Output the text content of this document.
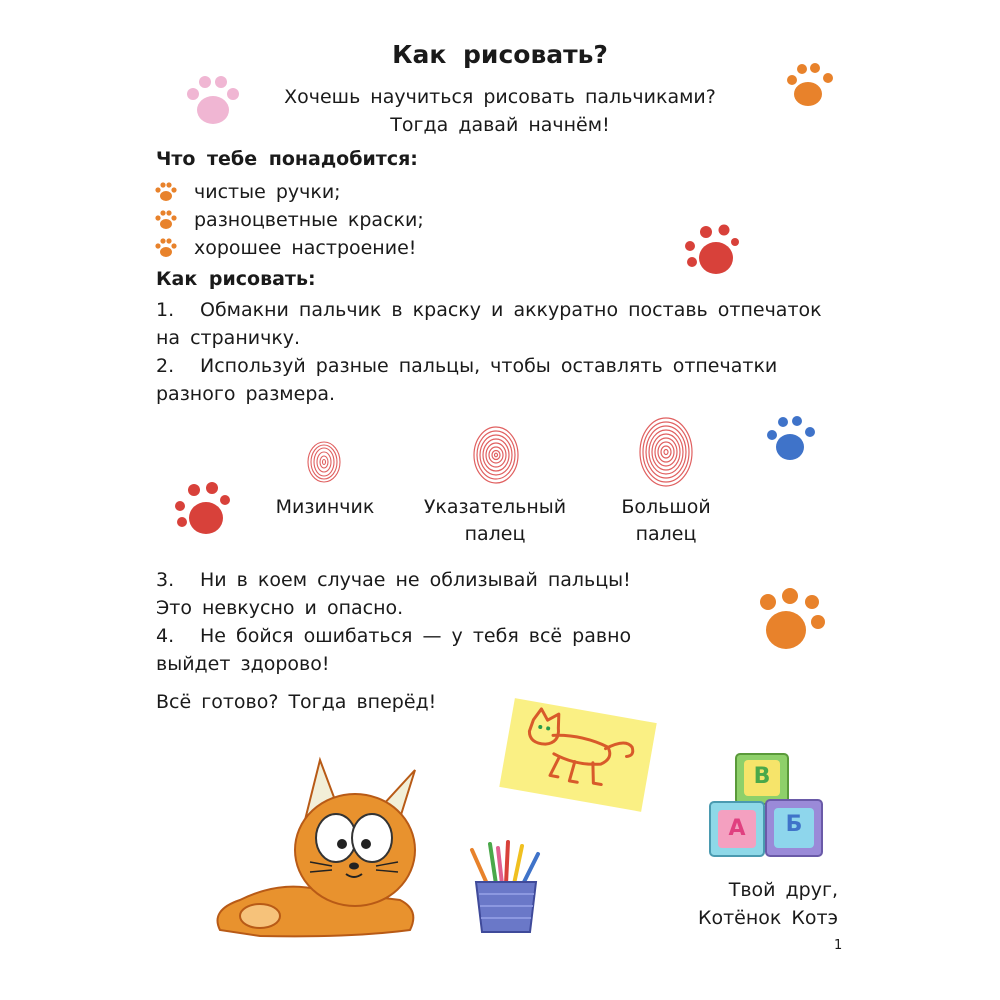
Как рисовать?
Хочешь научиться рисовать пальчиками?
Тогда давай начнём!
Что тебе понадобится:
чистые ручки;
разноцветные краски;
хорошее настроение!
Как рисовать:

1. Обмакни пальчик в краску и аккуратно поставь отпечаток

на страничку.

2. Используй разные пальцы, чтобы оставлять отпечатки

разного размера.

Мизинчик	Указательный
палец
Большой
палец

3. Ни в коем случае не облизывай пальцы!

Это невкусно и опасно.

4. Не бойся ошибаться — у тебя всё равно

выйдет здорово!

Всё готово? Тогда вперёд!
В
А	Б
Твой друг,
Котёнок Котэ
1
